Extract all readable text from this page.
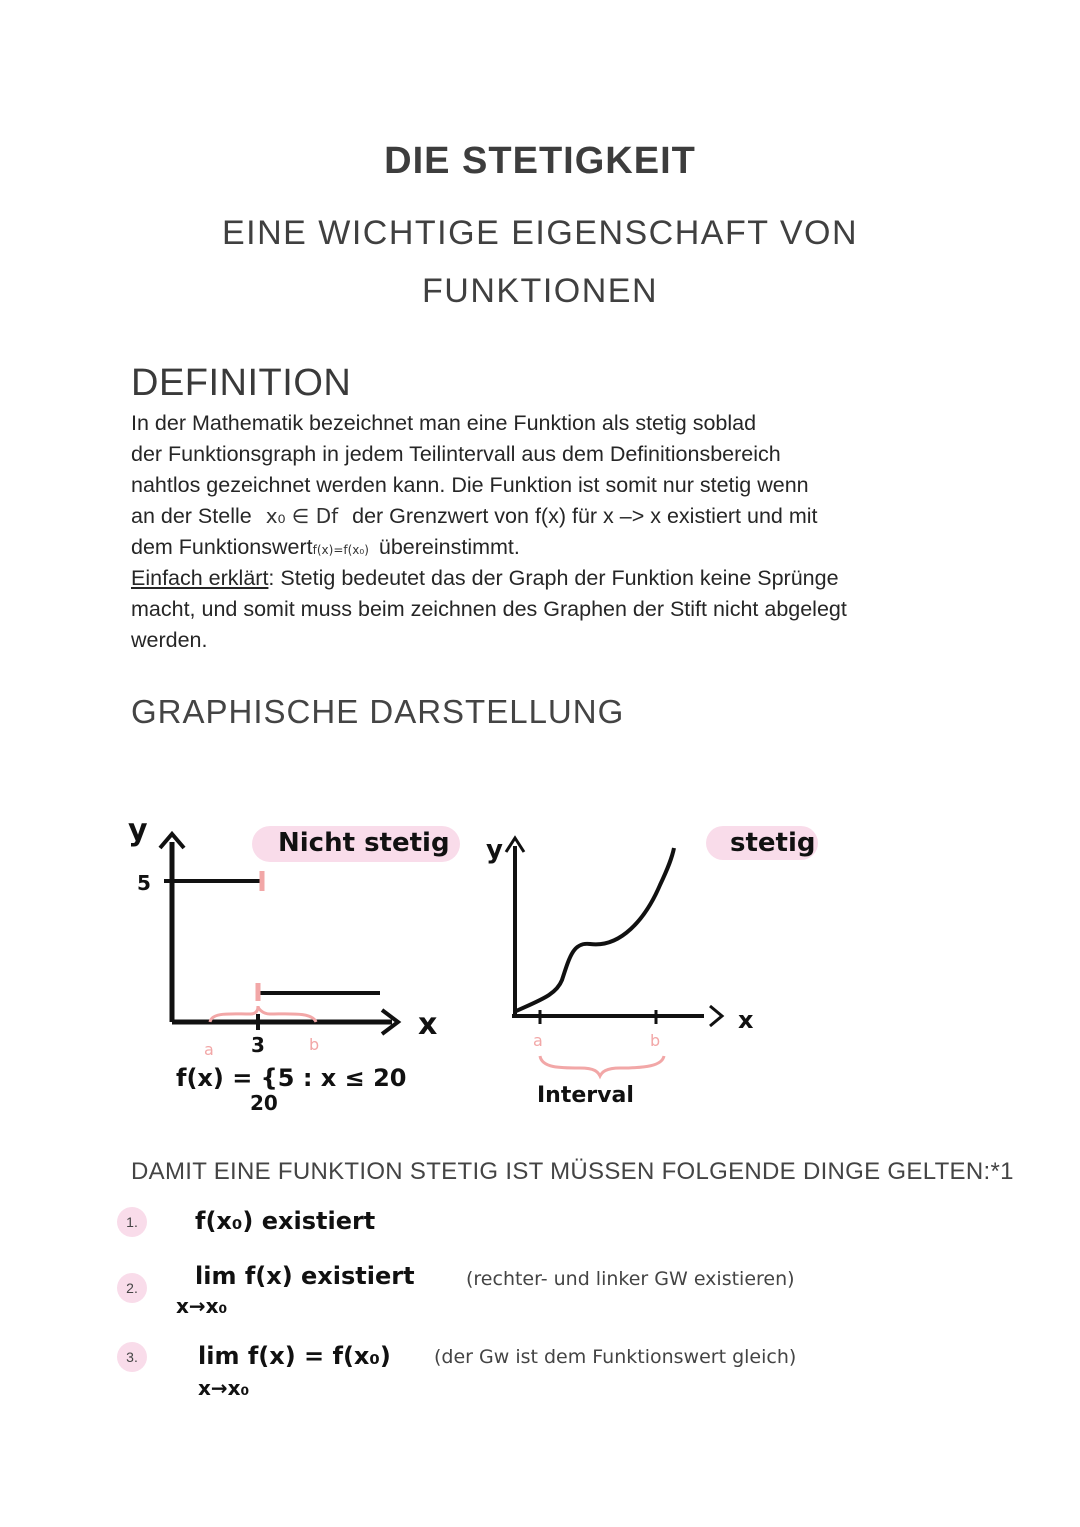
DIE STETIGKEIT
EINE WICHTIGE EIGENSCHAFT VON
FUNKTIONEN
DEFINITION
In der Mathematik bezeichnet man eine Funktion als stetig soblad
der Funktionsgraph in jedem Teilintervall aus dem Definitionsbereich
nahtlos gezeichnet werden kann. Die Funktion ist somit nur stetig wenn
an der Stelle x₀ ∈ Df der Grenzwert von f(x) für x –> x existiert und mit
dem Funktionswertf(x)=f(x₀) übereinstimmt.
Einfach erklärt: Stetig bedeutet das der Graph der Funktion keine Sprünge
macht, und somit muss beim zeichnen des Graphen der Stift nicht abgelegt
werden.
GRAPHISCHE DARSTELLUNG
Nicht stetig
y
x
5
3
a	b
f(x) = {5 : x ≤ 20
20
stetig
y
x
a	b
Interval
DAMIT EINE FUNKTION STETIG IST MÜSSEN FOLGENDE DINGE GELTEN:*1
1.	f(x₀) existiert
2.	lim f(x) existiert
x→x₀
(rechter- und linker GW existieren)
3.	lim f(x) = f(x₀)
x→x₀
(der Gw ist dem Funktionswert gleich)
